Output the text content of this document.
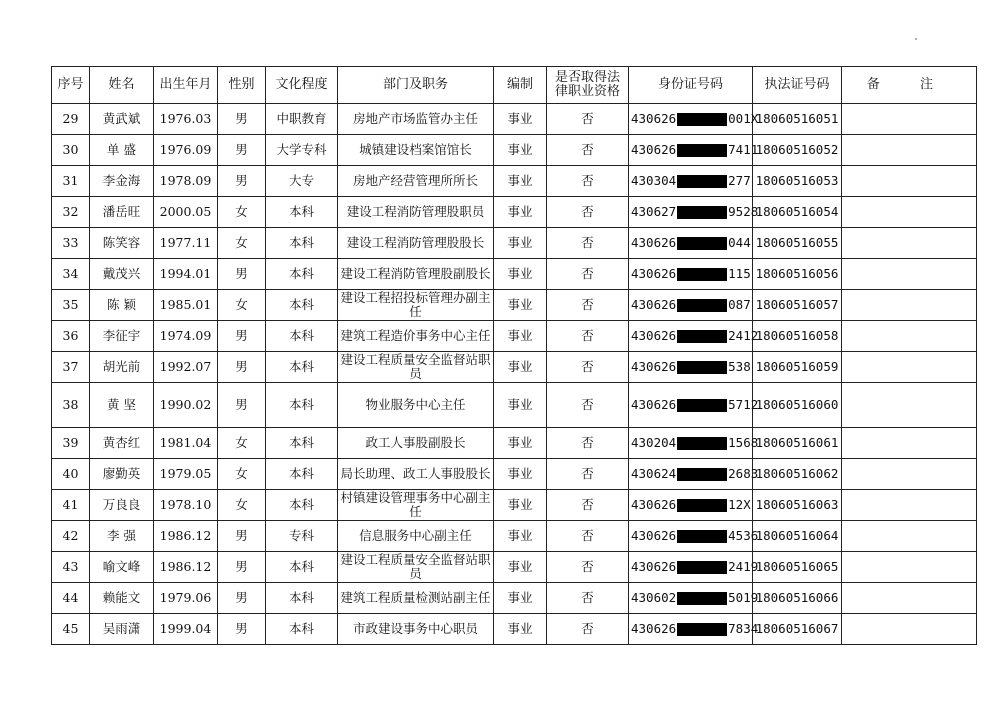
序号	姓名	出生年月	性别	文化程度	部门及职务	编制	是否取得法律职业资格	身份证号码	执法证号码	备 注
29	黄武斌	1976.03	男	中职教育	房地产市场监管办主任	事业	否	430626 001X	18060516051	
30	单 盛	1976.09	男	大学专科	城镇建设档案馆馆长	事业	否	430626 7411	18060516052	
31	李金海	1978.09	男	大专	房地产经营管理所所长	事业	否	430304 277	18060516053	
32	潘岳旺	2000.05	女	本科	建设工程消防管理股职员	事业	否	430627 9528	18060516054	
33	陈笑容	1977.11	女	本科	建设工程消防管理股股长	事业	否	430626 044	18060516055	
34	戴茂兴	1994.01	男	本科	建设工程消防管理股副股长	事业	否	430626 115	18060516056	
35	陈 颖	1985.01	女	本科	建设工程招投标管理办副主任	事业	否	430626 087	18060516057	
36	李征宇	1974.09	男	本科	建筑工程造价事务中心主任	事业	否	430626 2412	18060516058	
37	胡光前	1992.07	男	本科	建设工程质量安全监督站职员	事业	否	430626 538	18060516059	
38	黄 坚	1990.02	男	本科	物业服务中心主任	事业	否	430626 5712	18060516060	
39	黄杏红	1981.04	女	本科	政工人事股副股长	事业	否	430204 1568	18060516061	
40	廖勤英	1979.05	女	本科	局长助理、政工人事股股长	事业	否	430624 2683	18060516062	
41	万良良	1978.10	女	本科	村镇建设管理事务中心副主任	事业	否	430626 12X	18060516063	
42	李 强	1986.12	男	专科	信息服务中心副主任	事业	否	430626 4536	18060516064	
43	喻文峰	1986.12	男	本科	建设工程质量安全监督站职员	事业	否	430626 2419	18060516065	
44	赖能文	1979.06	男	本科	建筑工程质量检测站副主任	事业	否	430602 5019	18060516066	
45	吴雨潇	1999.04	男	本科	市政建设事务中心职员	事业	否	430626 7834	18060516067	
